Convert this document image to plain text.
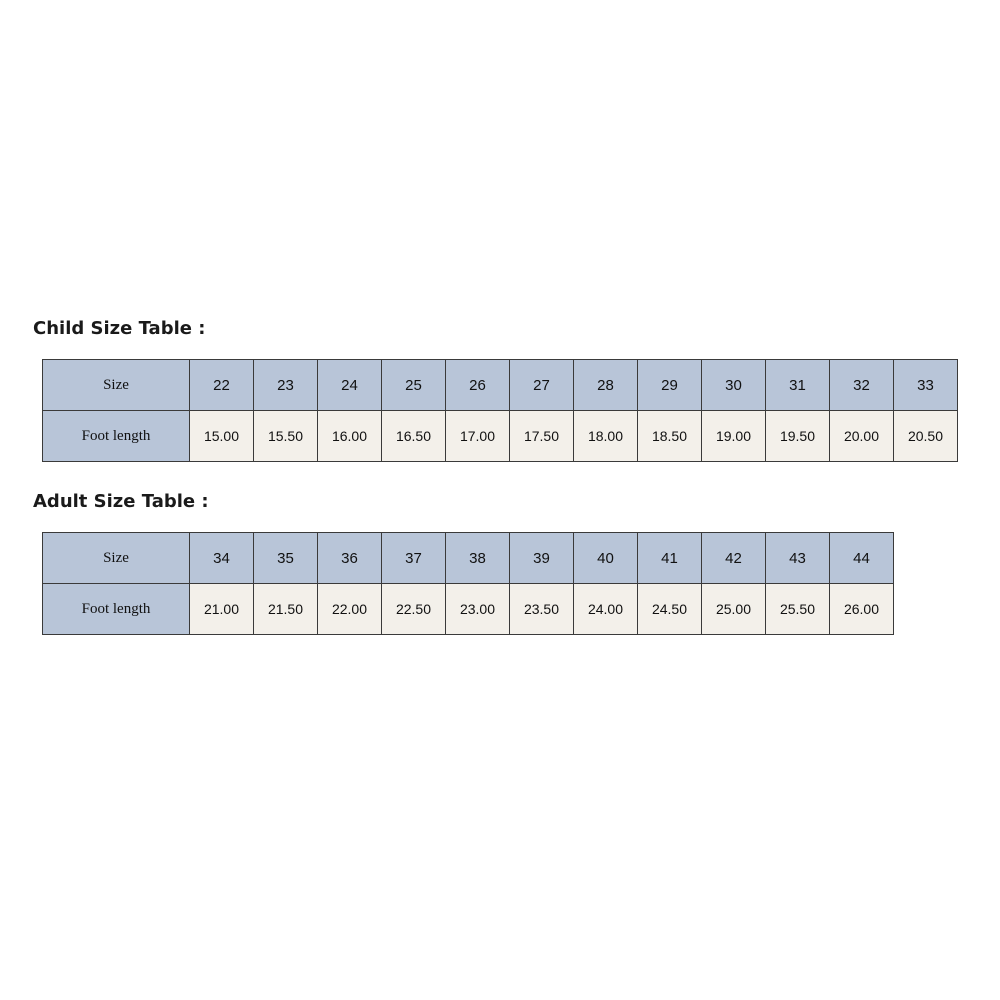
Child Size Table :
Size	22	23	24	25	26	27	28	29	30	31	32	33
Foot length	15.00	15.50	16.00	16.50	17.00	17.50	18.00	18.50	19.00	19.50	20.00	20.50
Adult Size Table :
Size	34	35	36	37	38	39	40	41	42	43	44
Foot length	21.00	21.50	22.00	22.50	23.00	23.50	24.00	24.50	25.00	25.50	26.00
